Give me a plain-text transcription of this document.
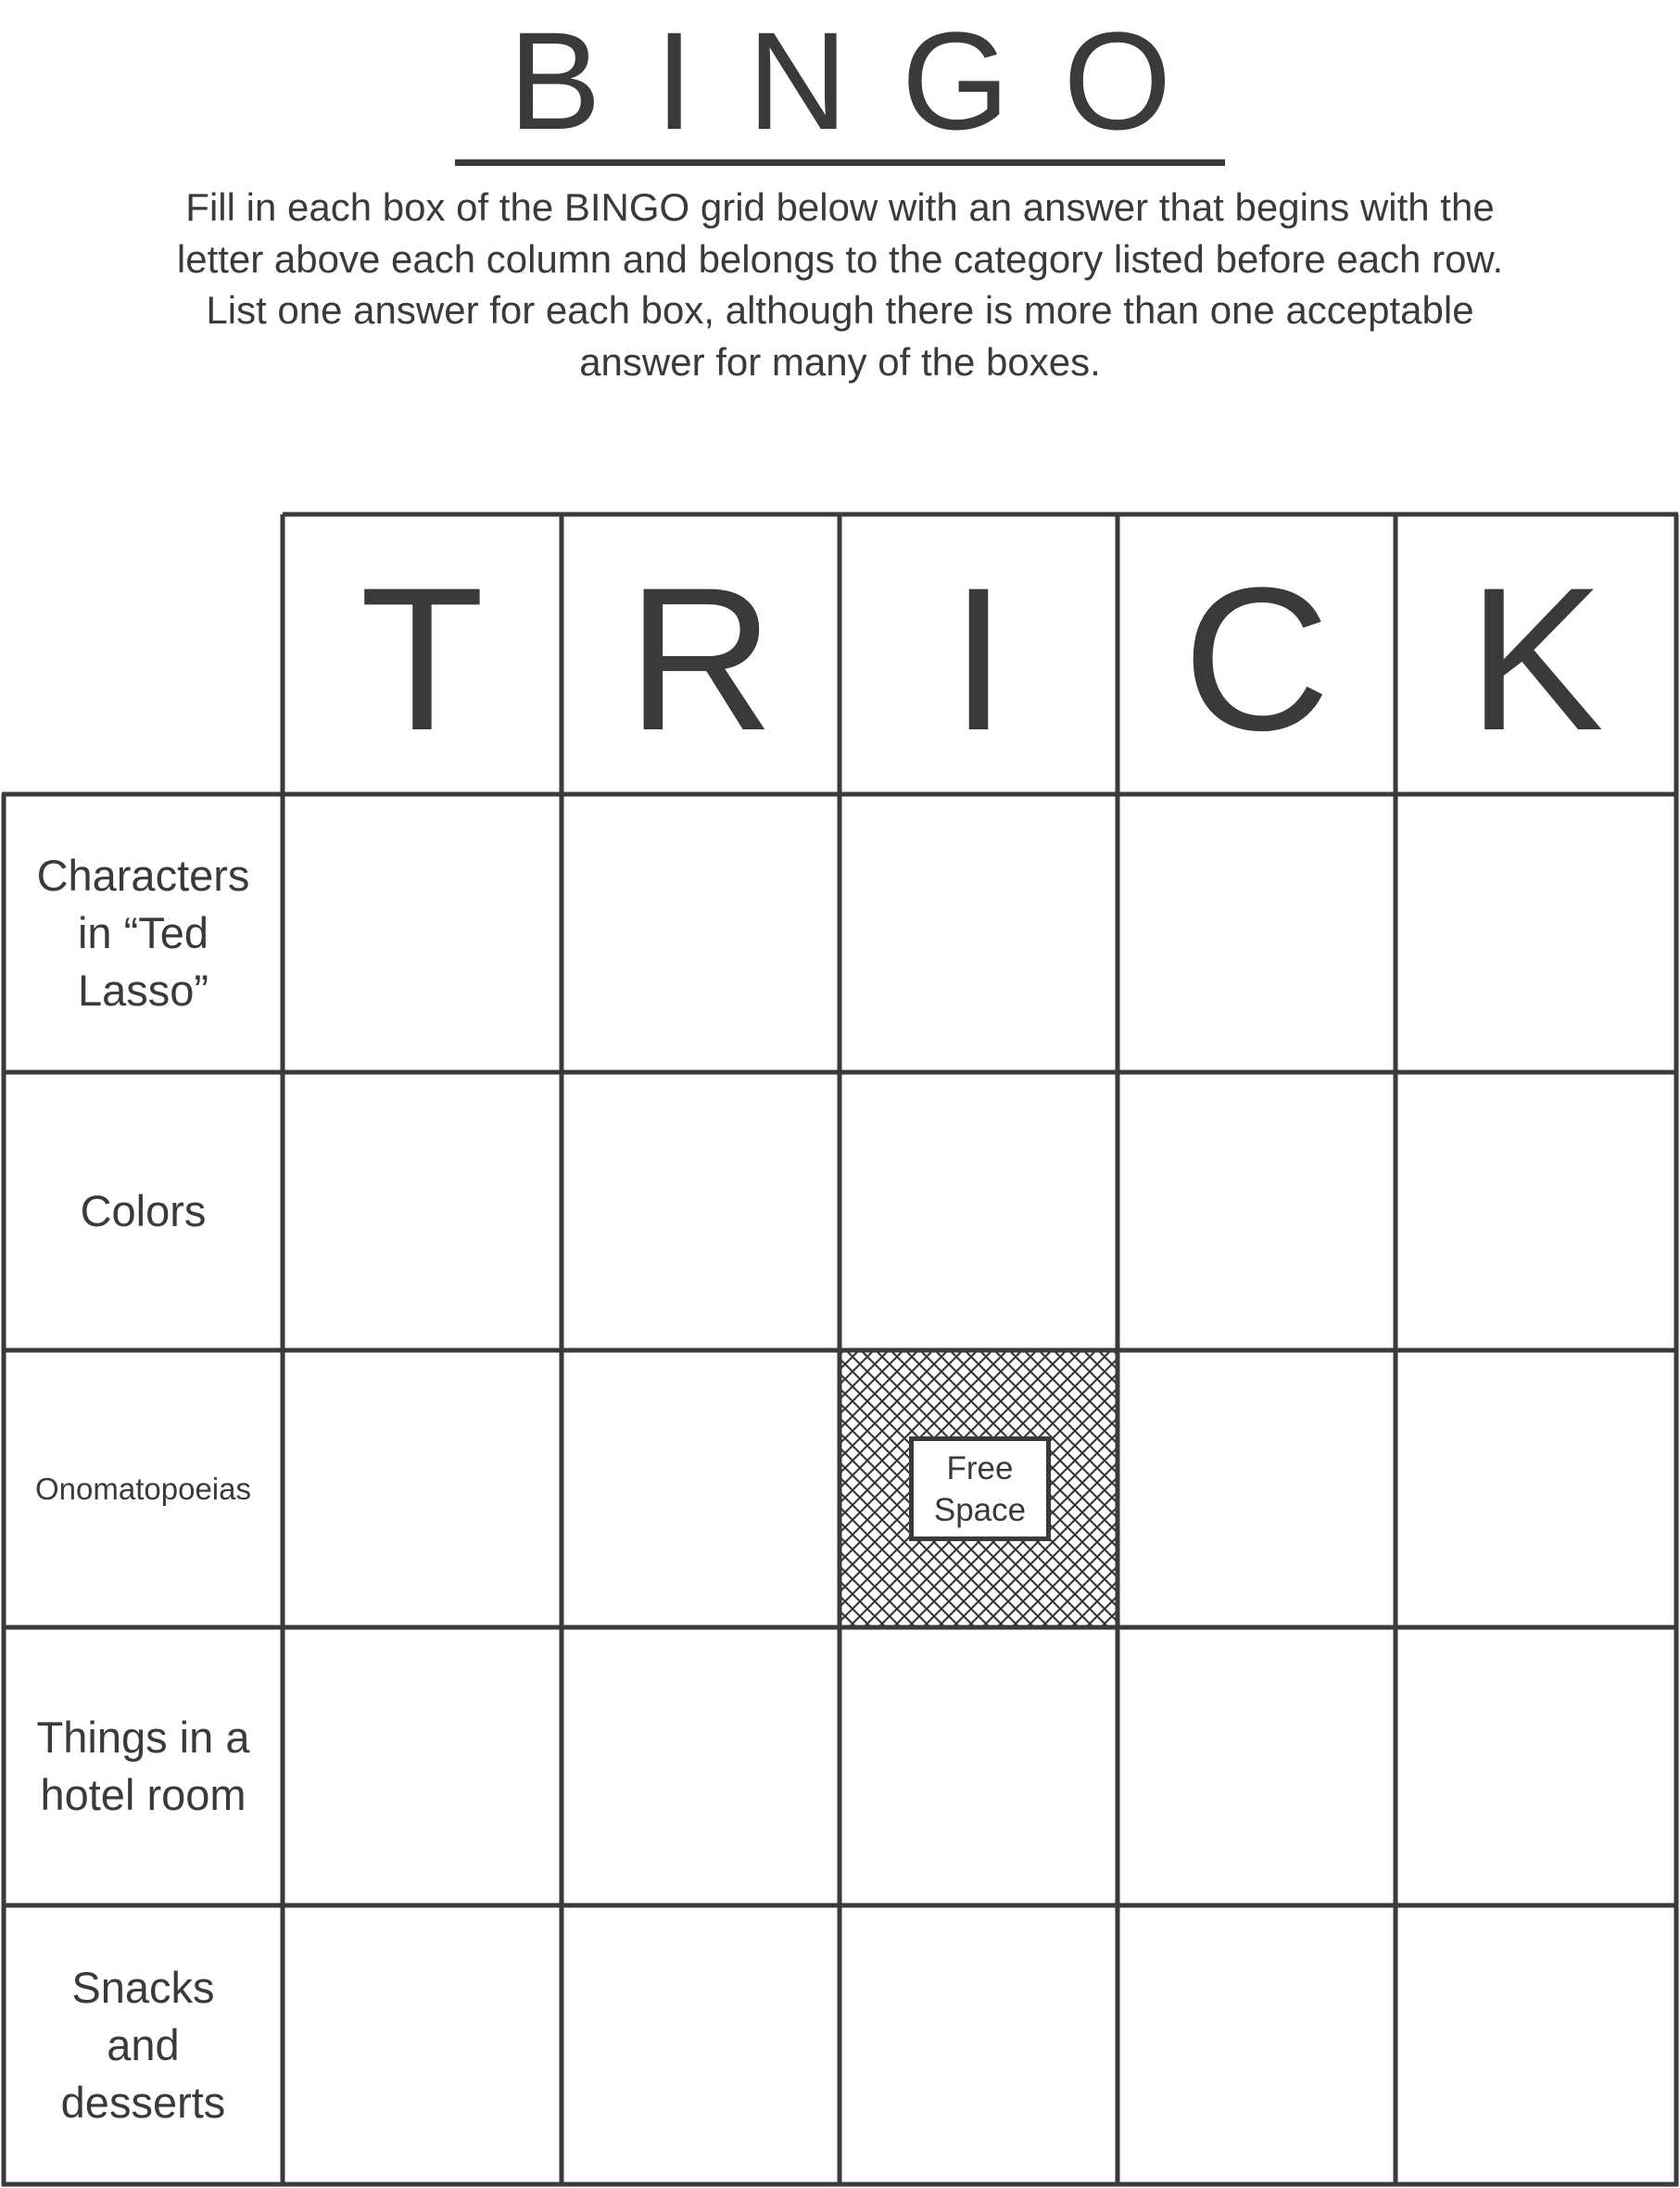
BINGO
Fill in each box of the BINGO grid below with an answer that begins with the letter above each column and belongs to the category listed before each row. List one answer for each box, although there is more than one acceptable answer for many of the boxes.
T R I C K
Characters in “Ted Lasso”
Colors
Onomatopoeias
Things in a hotel room
Snacks and desserts
Free
Space
